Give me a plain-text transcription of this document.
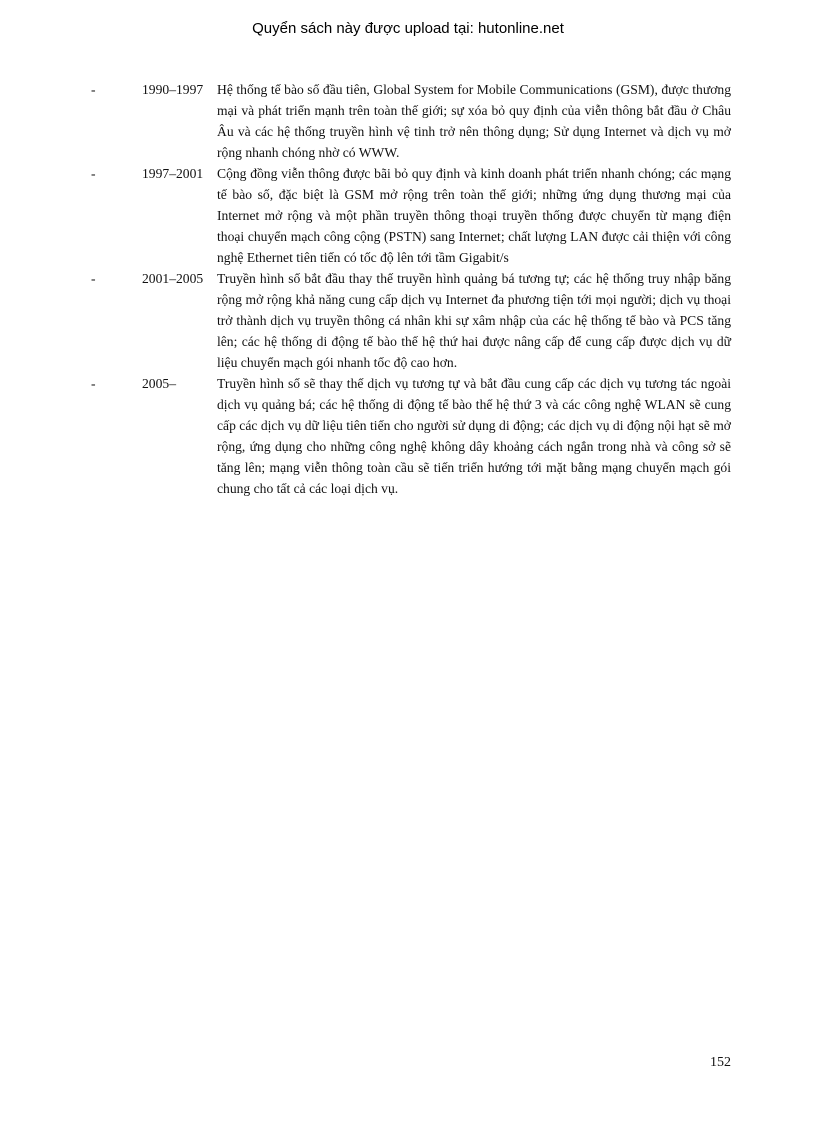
Quyển sách này được upload tại: hutonline.net
-	1990–1997 Hệ thống tế bào số đầu tiên, Global System for Mobile Communications (GSM), được thương mại và phát triển mạnh trên toàn thế giới; sự xóa bỏ quy định của viễn thông bắt đầu ở Châu Âu và các hệ thống truyền hình vệ tinh trở nên thông dụng; Sử dụng Internet và dịch vụ mở rộng nhanh chóng nhờ có WWW.
-	1997–2001 Cộng đồng viễn thông được bãi bỏ quy định và kinh doanh phát triển nhanh chóng; các mạng tế bào số, đặc biệt là GSM mở rộng trên toàn thế giới; những ứng dụng thương mại của Internet mở rộng và một phần truyền thông thoại truyền thống được chuyển từ mạng điện thoại chuyển mạch công cộng (PSTN) sang Internet; chất lượng LAN được cải thiện với công nghệ Ethernet tiên tiến có tốc độ lên tới tầm Gigabit/s
-	2001–2005 Truyền hình số bắt đầu thay thế truyền hình quảng bá tương tự; các hệ thống truy nhập băng rộng mở rộng khả năng cung cấp dịch vụ Internet đa phương tiện tới mọi người; dịch vụ thoại trở thành dịch vụ truyền thông cá nhân khi sự xâm nhập của các hệ thống tế bào và PCS tăng lên; các hệ thống di động tế bào thế hệ thứ hai được nâng cấp để cung cấp được dịch vụ dữ liệu chuyển mạch gói nhanh tốc độ cao hơn.
-	2005–	Truyền hình số sẽ thay thế dịch vụ tương tự và bắt đầu cung cấp các dịch vụ tương tác ngoài dịch vụ quảng bá; các hệ thống di động tế bào thế hệ thứ 3 và các công nghệ WLAN sẽ cung cấp các dịch vụ dữ liệu tiên tiến cho người sử dụng di động; các dịch vụ di động nội hạt sẽ mở rộng, ứng dụng cho những công nghệ không dây khoảng cách ngắn trong nhà và công sở sẽ tăng lên; mạng viễn thông toàn cầu sẽ tiến triển hướng tới mặt bằng mạng chuyển mạch gói chung cho tất cả các loại dịch vụ.
152
